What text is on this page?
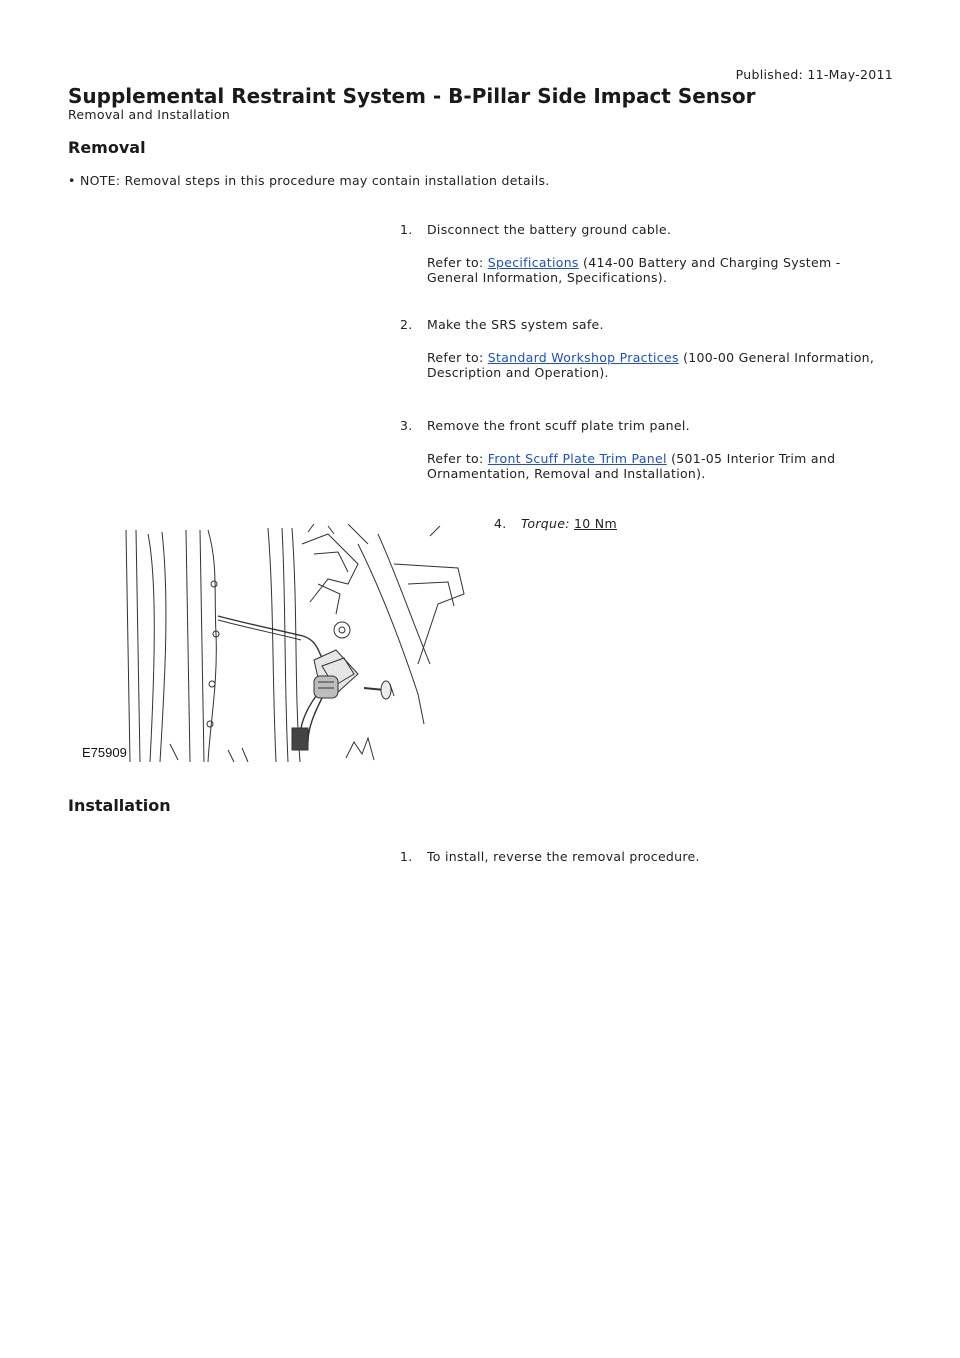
Published: 11-May-2011
Supplemental Restraint System - B-Pillar Side Impact Sensor
Removal and Installation
Removal
• NOTE: Removal steps in this procedure may contain installation details.
1. Disconnect the battery ground cable.
Refer to: Specifications (414-00 Battery and Charging System - General Information, Specifications).
2. Make the SRS system safe.
Refer to: Standard Workshop Practices (100-00 General Information, Description and Operation).
3. Remove the front scuff plate trim panel.
Refer to: Front Scuff Plate Trim Panel (501-05 Interior Trim and Ornamentation, Removal and Installation).
4. Torque: 10 Nm
E75909
Installation
1. To install, reverse the removal procedure.
